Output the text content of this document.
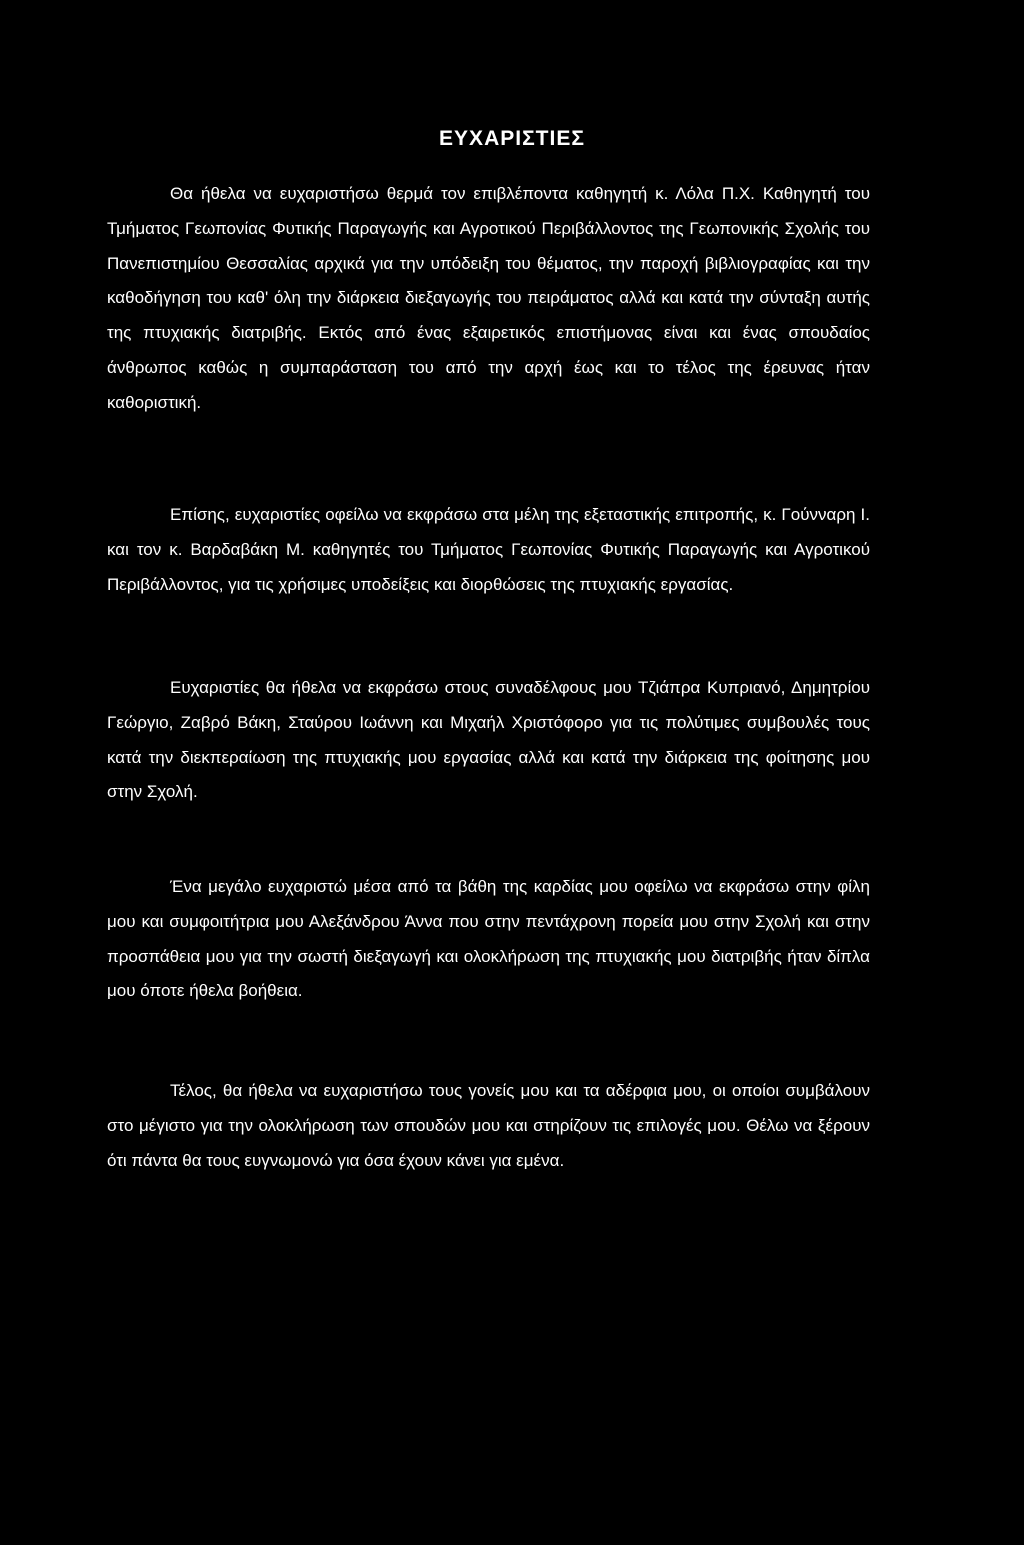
ΕΥΧΑΡΙΣΤΙΕΣ

Θα ήθελα να ευχαριστήσω θερμά τον επιβλέποντα καθηγητή κ. Λόλα Π.Χ. Καθηγητή του Τμήματος Γεωπονίας Φυτικής Παραγωγής και Αγροτικού Περιβάλλοντος της Γεωπονικής Σχολής του Πανεπιστημίου Θεσσαλίας αρχικά για την υπόδειξη του θέματος, την παροχή βιβλιογραφίας και την καθοδήγηση του καθ' όλη την διάρκεια διεξαγωγής του πειράματος αλλά και κατά την σύνταξη αυτής της πτυχιακής διατριβής. Εκτός από ένας εξαιρετικός επιστήμονας είναι και ένας σπουδαίος άνθρωπος καθώς η συμπαράσταση του από την αρχή έως και το τέλος της έρευνας ήταν καθοριστική.

Επίσης, ευχαριστίες οφείλω να εκφράσω στα μέλη της εξεταστικής επιτροπής, κ. Γούνναρη Ι. και τον κ. Βαρδαβάκη Μ. καθηγητές του Τμήματος Γεωπονίας Φυτικής Παραγωγής και Αγροτικού Περιβάλλοντος, για τις χρήσιμες υποδείξεις και διορθώσεις της πτυχιακής εργασίας.

Ευχαριστίες θα ήθελα να εκφράσω στους συναδέλφους μου Τζιάπρα Κυπριανό, Δημητρίου Γεώργιο, Ζαβρό Βάκη, Σταύρου Ιωάννη και Μιχαήλ Χριστόφορο για τις πολύτιμες συμβουλές τους κατά την διεκπεραίωση της πτυχιακής μου εργασίας αλλά και κατά την διάρκεια της φοίτησης μου στην Σχολή.

Ένα μεγάλο ευχαριστώ μέσα από τα βάθη της καρδίας μου οφείλω να εκφράσω στην φίλη μου και συμφοιτήτρια μου Αλεξάνδρου Άννα που στην πεντάχρονη πορεία μου στην Σχολή και στην προσπάθεια μου για την σωστή διεξαγωγή και ολοκλήρωση της πτυχιακής μου διατριβής ήταν δίπλα μου όποτε ήθελα βοήθεια.

Τέλος, θα ήθελα να ευχαριστήσω τους γονείς μου και τα αδέρφια μου, οι οποίοι συμβάλουν στο μέγιστο για την ολοκλήρωση των σπουδών μου και στηρίζουν τις επιλογές μου. Θέλω να ξέρουν ότι πάντα θα τους ευγνωμονώ για όσα έχουν κάνει για εμένα.
